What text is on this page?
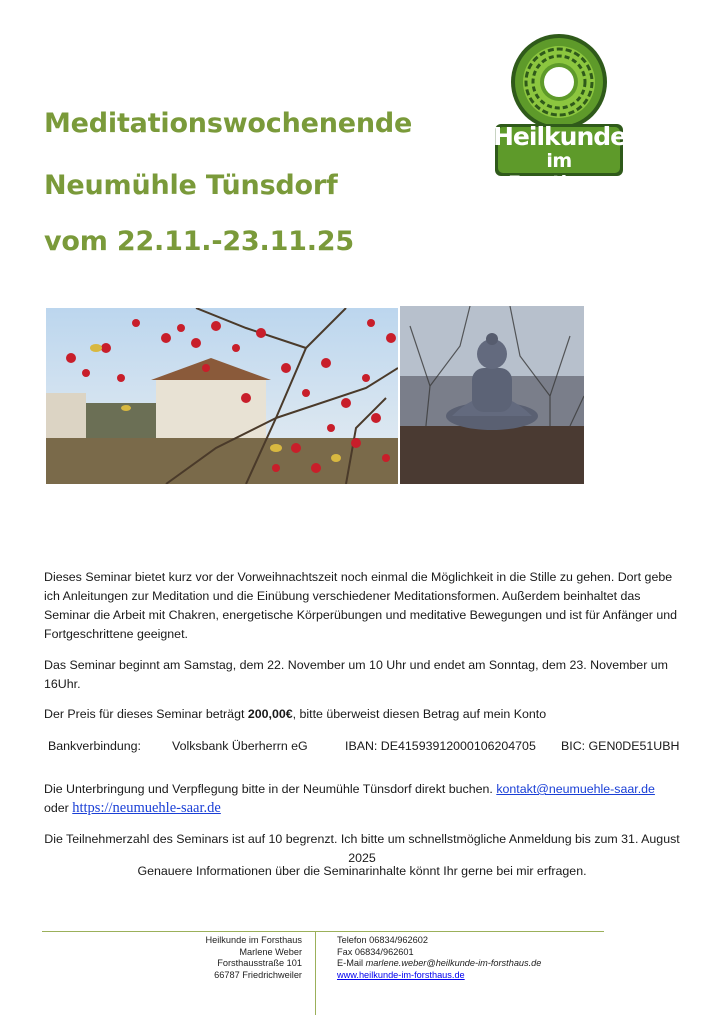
Meditationswochenende
Neumühle Tünsdorf
vom 22.11.-23.11.25
Heilkunde
im Forsthaus
Dieses Seminar bietet kurz vor der Vorweihnachtszeit noch einmal die Möglichkeit in die Stille zu gehen. Dort gebe ich Anleitungen zur Meditation und die Einübung verschiedener Meditationsformen. Außerdem beinhaltet das Seminar die Arbeit mit Chakren, energetische Körperübungen und meditative Bewegungen und ist für Anfänger und Fortgeschrittene geeignet.
Das Seminar beginnt am Samstag, dem 22. November um 10 Uhr und endet am Sonntag, dem 23. November um 16Uhr.
Der Preis für dieses Seminar beträgt 200,00€, bitte überweist diesen Betrag auf mein Konto
Bankverbindung:	Volksbank Überherrn eG	IBAN: DE41593912000106204705 BIC: GEN0DE51UBH
Die Unterbringung und Verpflegung bitte in der Neumühle Tünsdorf direkt buchen. kontakt@neumuehle-saar.de
oder https://neumuehle-saar.de
Die Teilnehmerzahl des Seminars ist auf 10 begrenzt. Ich bitte um schnellstmögliche Anmeldung bis zum 31. August 2025
Genauere Informationen über die Seminarinhalte könnt Ihr gerne bei mir erfragen.
Heilkunde im Forsthaus
Marlene Weber
Forsthausstraße 101
66787 Friedrichweiler
Telefon 06834/962602
Fax 06834/962601
E-Mail marlene.weber@heilkunde-im-forsthaus.de
www.heilkunde-im-forsthaus.de
